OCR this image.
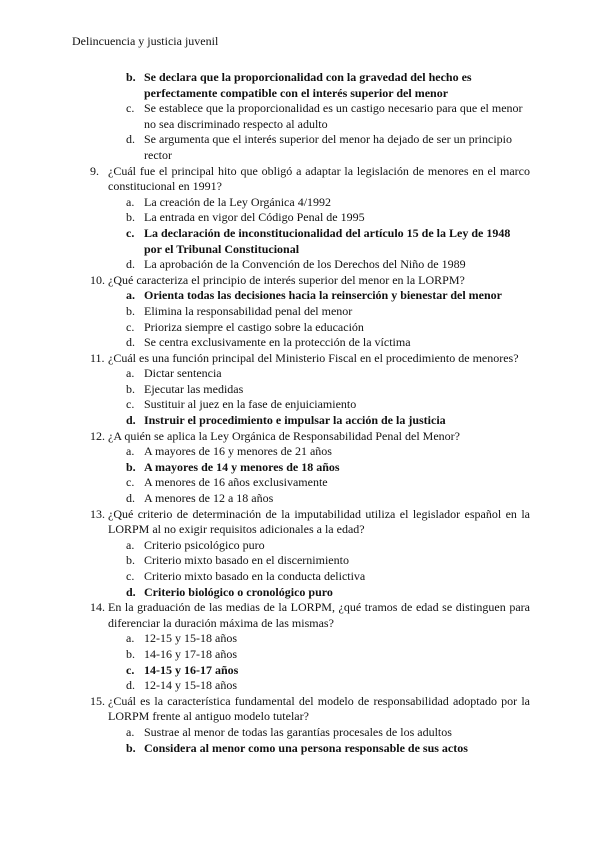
Delincuencia y justicia juvenil
b. Se declara que la proporcionalidad con la gravedad del hecho es perfectamente compatible con el interés superior del menor
c. Se establece que la proporcionalidad es un castigo necesario para que el menor no sea discriminado respecto al adulto
d. Se argumenta que el interés superior del menor ha dejado de ser un principio rector
9. ¿Cuál fue el principal hito que obligó a adaptar la legislación de menores en el marco constitucional en 1991?
a. La creación de la Ley Orgánica 4/1992
b. La entrada en vigor del Código Penal de 1995
c. La declaración de inconstitucionalidad del artículo 15 de la Ley de 1948 por el Tribunal Constitucional
d. La aprobación de la Convención de los Derechos del Niño de 1989
10. ¿Qué caracteriza el principio de interés superior del menor en la LORPM?
a. Orienta todas las decisiones hacia la reinserción y bienestar del menor
b. Elimina la responsabilidad penal del menor
c. Prioriza siempre el castigo sobre la educación
d. Se centra exclusivamente en la protección de la víctima
11. ¿Cuál es una función principal del Ministerio Fiscal en el procedimiento de menores?
a. Dictar sentencia
b. Ejecutar las medidas
c. Sustituir al juez en la fase de enjuiciamiento
d. Instruir el procedimiento e impulsar la acción de la justicia
12. ¿A quién se aplica la Ley Orgánica de Responsabilidad Penal del Menor?
a. A mayores de 16 y menores de 21 años
b. A mayores de 14 y menores de 18 años
c. A menores de 16 años exclusivamente
d. A menores de 12 a 18 años
13. ¿Qué criterio de determinación de la imputabilidad utiliza el legislador español en la LORPM al no exigir requisitos adicionales a la edad?
a. Criterio psicológico puro
b. Criterio mixto basado en el discernimiento
c. Criterio mixto basado en la conducta delictiva
d. Criterio biológico o cronológico puro
14. En la graduación de las medias de la LORPM, ¿qué tramos de edad se distinguen para diferenciar la duración máxima de las mismas?
a. 12-15 y 15-18 años
b. 14-16 y 17-18 años
c. 14-15 y 16-17 años
d. 12-14 y 15-18 años
15. ¿Cuál es la característica fundamental del modelo de responsabilidad adoptado por la LORPM frente al antiguo modelo tutelar?
a. Sustrae al menor de todas las garantías procesales de los adultos
b. Considera al menor como una persona responsable de sus actos
